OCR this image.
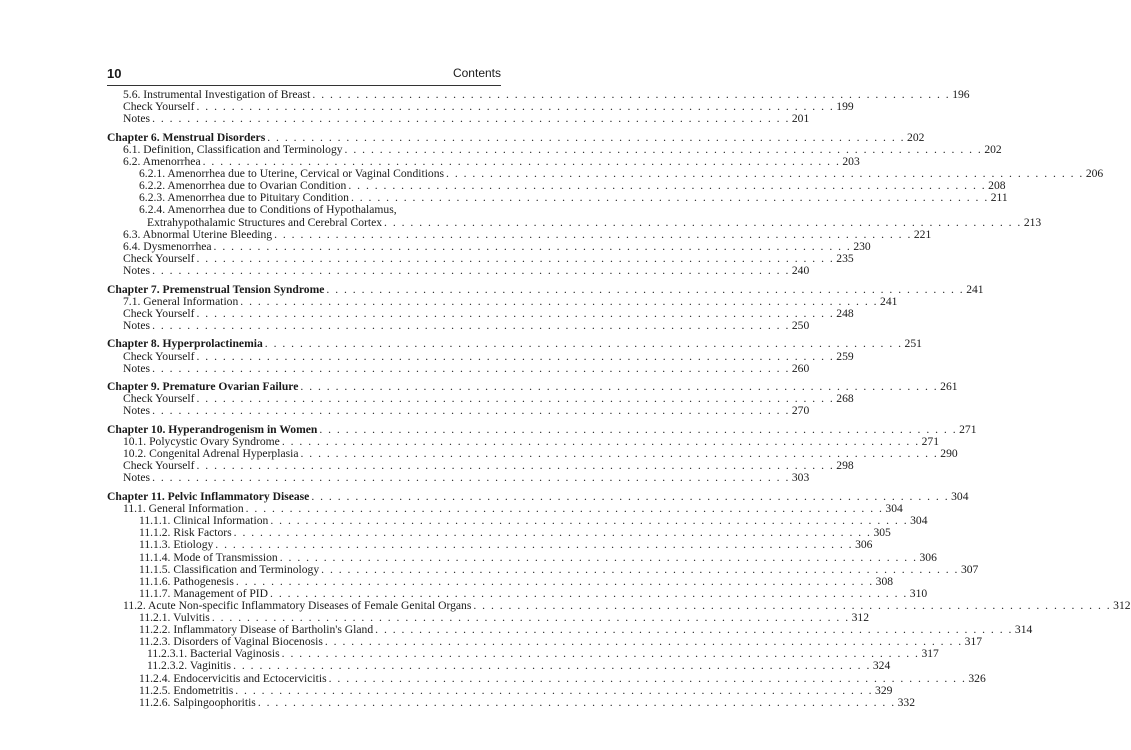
10	Contents
5.6. Instrumental Investigation of Breast . . . . . . . . . . . . . . . . . . . . . . . . . . . . . . . . . . . . . . . . . . . . . . . . . . . . . . . . . . . . . . . . . . . . . . . . . 196
Check Yourself . . . . . . . . . . . . . . . . . . . . . . . . . . . . . . . . . . . . . . . . . . . . . . . . . . . . . . . . . . . . . . . . . . . . . . . . . 199
Notes . . . . . . . . . . . . . . . . . . . . . . . . . . . . . . . . . . . . . . . . . . . . . . . . . . . . . . . . . . . . . . . . . . . . . . . . . 201
Chapter 6. Menstrual Disorders . . . . . . . . . . . . . . . . . . . . . . . . . . . . . . . . . . . . . . . . . . . . . . . . . . . . . . . . . . . . . . . . . . . . . . . . . 202
6.1. Definition, Classification and Terminology . . . . . . . . . . . . . . . . . . . . . . . . . . . . . . . . . . . . . . . . . . . . . . . . . . . . . . . . . . . . . . . . . . . . . . . . . 202
6.2. Amenorrhea . . . . . . . . . . . . . . . . . . . . . . . . . . . . . . . . . . . . . . . . . . . . . . . . . . . . . . . . . . . . . . . . . . . . . . . . . 203
6.2.1. Amenorrhea due to Uterine, Cervical or Vaginal Conditions . . . . . . . . . . . . . . . . . . . . . . . . . . . . . . . . . . . . . . . . . . . . . . . . . . . . . . . . . . . . . . . . . . . . . . . . . 206
6.2.2. Amenorrhea due to Ovarian Condition . . . . . . . . . . . . . . . . . . . . . . . . . . . . . . . . . . . . . . . . . . . . . . . . . . . . . . . . . . . . . . . . . . . . . . . . . 208
6.2.3. Amenorrhea due to Pituitary Condition . . . . . . . . . . . . . . . . . . . . . . . . . . . . . . . . . . . . . . . . . . . . . . . . . . . . . . . . . . . . . . . . . . . . . . . . . 211
6.2.4. Amenorrhea due to Conditions of Hypothalamus,
Extrahypothalamic Structures and Cerebral Cortex . . . . . . . . . . . . . . . . . . . . . . . . . . . . . . . . . . . . . . . . . . . . . . . . . . . . . . . . . . . . . . . . . . . . . . . . . 213
6.3. Abnormal Uterine Bleeding . . . . . . . . . . . . . . . . . . . . . . . . . . . . . . . . . . . . . . . . . . . . . . . . . . . . . . . . . . . . . . . . . . . . . . . . . 221
6.4. Dysmenorrhea . . . . . . . . . . . . . . . . . . . . . . . . . . . . . . . . . . . . . . . . . . . . . . . . . . . . . . . . . . . . . . . . . . . . . . . . . 230
Check Yourself . . . . . . . . . . . . . . . . . . . . . . . . . . . . . . . . . . . . . . . . . . . . . . . . . . . . . . . . . . . . . . . . . . . . . . . . . 235
Notes . . . . . . . . . . . . . . . . . . . . . . . . . . . . . . . . . . . . . . . . . . . . . . . . . . . . . . . . . . . . . . . . . . . . . . . . . 240
Chapter 7. Premenstrual Tension Syndrome . . . . . . . . . . . . . . . . . . . . . . . . . . . . . . . . . . . . . . . . . . . . . . . . . . . . . . . . . . . . . . . . . . . . . . . . . 241
7.1. General Information . . . . . . . . . . . . . . . . . . . . . . . . . . . . . . . . . . . . . . . . . . . . . . . . . . . . . . . . . . . . . . . . . . . . . . . . . 241
Check Yourself . . . . . . . . . . . . . . . . . . . . . . . . . . . . . . . . . . . . . . . . . . . . . . . . . . . . . . . . . . . . . . . . . . . . . . . . . 248
Notes . . . . . . . . . . . . . . . . . . . . . . . . . . . . . . . . . . . . . . . . . . . . . . . . . . . . . . . . . . . . . . . . . . . . . . . . . 250
Chapter 8. Hyperprolactinemia . . . . . . . . . . . . . . . . . . . . . . . . . . . . . . . . . . . . . . . . . . . . . . . . . . . . . . . . . . . . . . . . . . . . . . . . . 251
Check Yourself . . . . . . . . . . . . . . . . . . . . . . . . . . . . . . . . . . . . . . . . . . . . . . . . . . . . . . . . . . . . . . . . . . . . . . . . . 259
Notes . . . . . . . . . . . . . . . . . . . . . . . . . . . . . . . . . . . . . . . . . . . . . . . . . . . . . . . . . . . . . . . . . . . . . . . . . 260
Chapter 9. Premature Ovarian Failure . . . . . . . . . . . . . . . . . . . . . . . . . . . . . . . . . . . . . . . . . . . . . . . . . . . . . . . . . . . . . . . . . . . . . . . . . 261
Check Yourself . . . . . . . . . . . . . . . . . . . . . . . . . . . . . . . . . . . . . . . . . . . . . . . . . . . . . . . . . . . . . . . . . . . . . . . . . 268
Notes . . . . . . . . . . . . . . . . . . . . . . . . . . . . . . . . . . . . . . . . . . . . . . . . . . . . . . . . . . . . . . . . . . . . . . . . . 270
Chapter 10. Hyperandrogenism in Women . . . . . . . . . . . . . . . . . . . . . . . . . . . . . . . . . . . . . . . . . . . . . . . . . . . . . . . . . . . . . . . . . . . . . . . . . 271
10.1. Polycystic Ovary Syndrome . . . . . . . . . . . . . . . . . . . . . . . . . . . . . . . . . . . . . . . . . . . . . . . . . . . . . . . . . . . . . . . . . . . . . . . . . 271
10.2. Congenital Adrenal Hyperplasia . . . . . . . . . . . . . . . . . . . . . . . . . . . . . . . . . . . . . . . . . . . . . . . . . . . . . . . . . . . . . . . . . . . . . . . . . 290
Check Yourself . . . . . . . . . . . . . . . . . . . . . . . . . . . . . . . . . . . . . . . . . . . . . . . . . . . . . . . . . . . . . . . . . . . . . . . . . 298
Notes . . . . . . . . . . . . . . . . . . . . . . . . . . . . . . . . . . . . . . . . . . . . . . . . . . . . . . . . . . . . . . . . . . . . . . . . . 303
Chapter 11. Pelvic Inflammatory Disease . . . . . . . . . . . . . . . . . . . . . . . . . . . . . . . . . . . . . . . . . . . . . . . . . . . . . . . . . . . . . . . . . . . . . . . . . 304
11.1. General Information . . . . . . . . . . . . . . . . . . . . . . . . . . . . . . . . . . . . . . . . . . . . . . . . . . . . . . . . . . . . . . . . . . . . . . . . . 304
11.1.1. Clinical Information . . . . . . . . . . . . . . . . . . . . . . . . . . . . . . . . . . . . . . . . . . . . . . . . . . . . . . . . . . . . . . . . . . . . . . . . . 304
11.1.2. Risk Factors . . . . . . . . . . . . . . . . . . . . . . . . . . . . . . . . . . . . . . . . . . . . . . . . . . . . . . . . . . . . . . . . . . . . . . . . . 305
11.1.3. Etiology . . . . . . . . . . . . . . . . . . . . . . . . . . . . . . . . . . . . . . . . . . . . . . . . . . . . . . . . . . . . . . . . . . . . . . . . . 306
11.1.4. Mode of Transmission . . . . . . . . . . . . . . . . . . . . . . . . . . . . . . . . . . . . . . . . . . . . . . . . . . . . . . . . . . . . . . . . . . . . . . . . . 306
11.1.5. Classification and Terminology . . . . . . . . . . . . . . . . . . . . . . . . . . . . . . . . . . . . . . . . . . . . . . . . . . . . . . . . . . . . . . . . . . . . . . . . . 307
11.1.6. Pathogenesis . . . . . . . . . . . . . . . . . . . . . . . . . . . . . . . . . . . . . . . . . . . . . . . . . . . . . . . . . . . . . . . . . . . . . . . . . 308
11.1.7. Management of PID . . . . . . . . . . . . . . . . . . . . . . . . . . . . . . . . . . . . . . . . . . . . . . . . . . . . . . . . . . . . . . . . . . . . . . . . . 310
11.2. Acute Non-specific Inflammatory Diseases of Female Genital Organs . . . . . . . . . . . . . . . . . . . . . . . . . . . . . . . . . . . . . . . . . . . . . . . . . . . . . . . . . . . . . . . . . . . . . . . . . 312
11.2.1. Vulvitis . . . . . . . . . . . . . . . . . . . . . . . . . . . . . . . . . . . . . . . . . . . . . . . . . . . . . . . . . . . . . . . . . . . . . . . . . 312
11.2.2. Inflammatory Disease of Bartholin's Gland . . . . . . . . . . . . . . . . . . . . . . . . . . . . . . . . . . . . . . . . . . . . . . . . . . . . . . . . . . . . . . . . . . . . . . . . . 314
11.2.3. Disorders of Vaginal Biocenosis . . . . . . . . . . . . . . . . . . . . . . . . . . . . . . . . . . . . . . . . . . . . . . . . . . . . . . . . . . . . . . . . . . . . . . . . . 317
11.2.3.1. Bacterial Vaginosis . . . . . . . . . . . . . . . . . . . . . . . . . . . . . . . . . . . . . . . . . . . . . . . . . . . . . . . . . . . . . . . . . . . . . . . . . 317
11.2.3.2. Vaginitis . . . . . . . . . . . . . . . . . . . . . . . . . . . . . . . . . . . . . . . . . . . . . . . . . . . . . . . . . . . . . . . . . . . . . . . . . 324
11.2.4. Endocervicitis and Ectocervicitis . . . . . . . . . . . . . . . . . . . . . . . . . . . . . . . . . . . . . . . . . . . . . . . . . . . . . . . . . . . . . . . . . . . . . . . . . 326
11.2.5. Endometritis . . . . . . . . . . . . . . . . . . . . . . . . . . . . . . . . . . . . . . . . . . . . . . . . . . . . . . . . . . . . . . . . . . . . . . . . . 329
11.2.6. Salpingoophoritis . . . . . . . . . . . . . . . . . . . . . . . . . . . . . . . . . . . . . . . . . . . . . . . . . . . . . . . . . . . . . . . . . . . . . . . . . 332
